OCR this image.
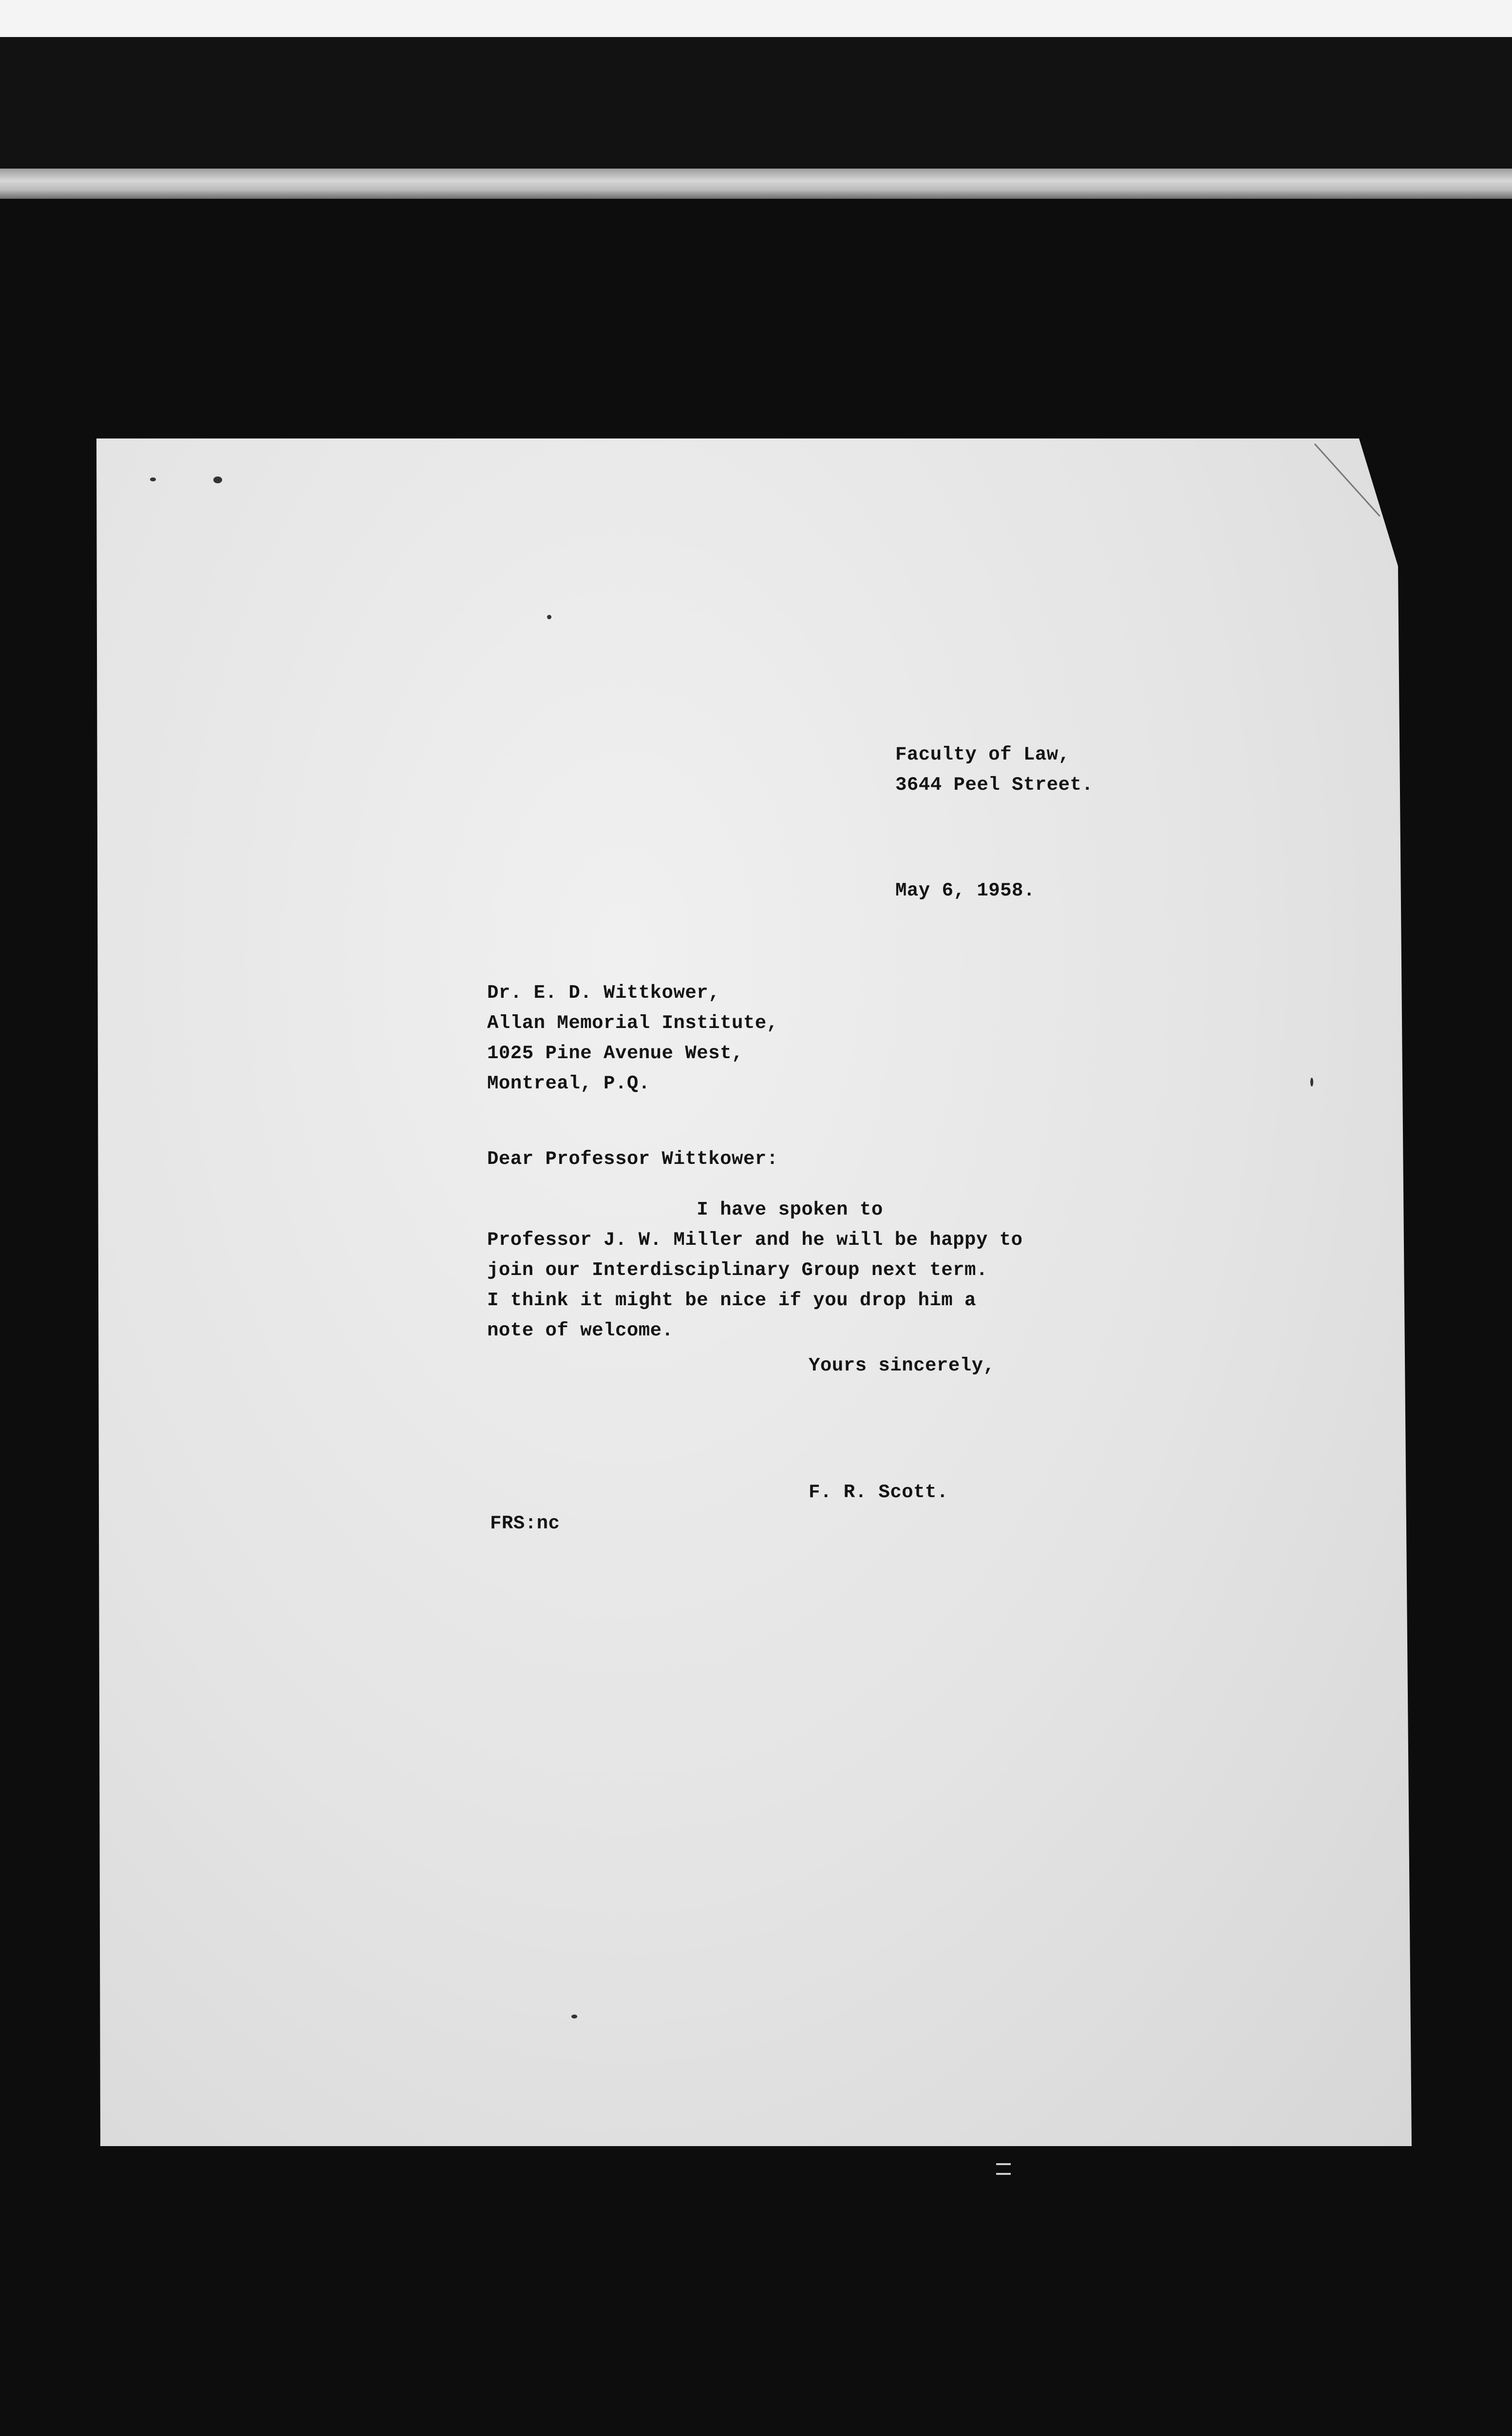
Faculty of Law,
3644 Peel Street.
May 6, 1958.
Dr. E. D. Wittkower,
Allan Memorial Institute,
1025 Pine Avenue West,
Montreal, P.Q.
Dear Professor Wittkower:
I have spoken to
Professor J. W. Miller and he will be happy to
join our Interdisciplinary Group next term.
I think it might be nice if you drop him a
note of welcome.
Yours sincerely,
F. R. Scott.
FRS:nc
